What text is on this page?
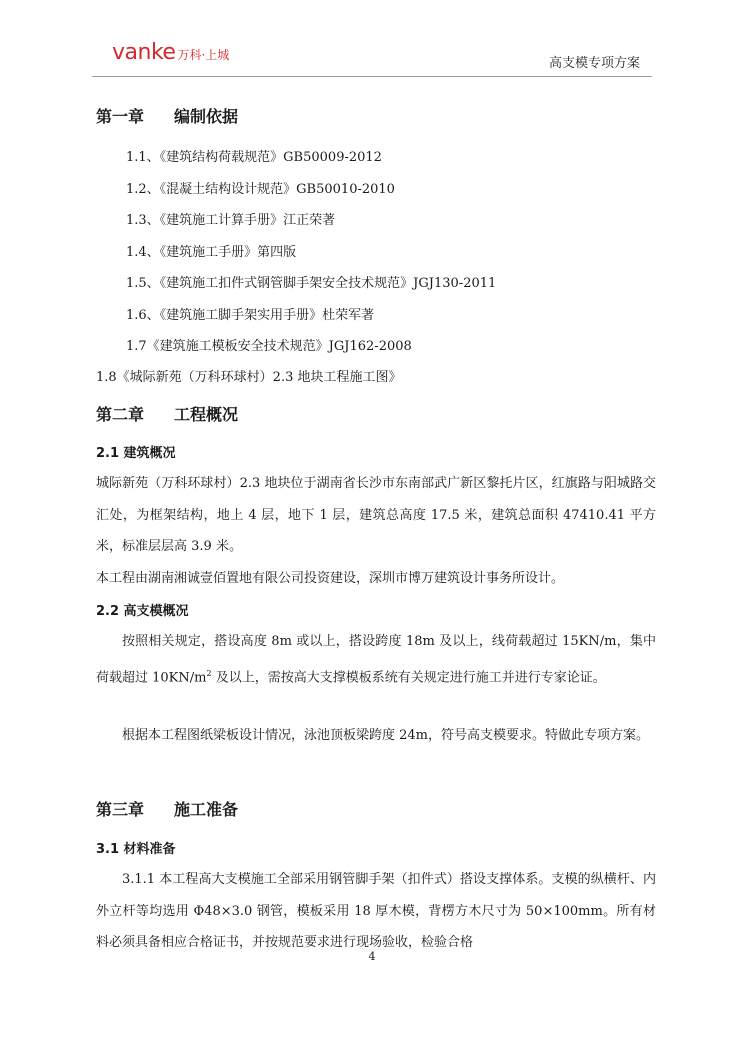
vanke 万科·上城
高支模专项方案
第一章 编制依据
1.1、《建筑结构荷载规范》GB50009-2012
1.2、《混凝土结构设计规范》GB50010-2010
1.3、《建筑施工计算手册》江正荣著
1.4、《建筑施工手册》第四版
1.5、《建筑施工扣件式钢管脚手架安全技术规范》JGJ130-2011
1.6、《建筑施工脚手架实用手册》杜荣军著
1.7《建筑施工模板安全技术规范》JGJ162-2008
1.8《城际新苑（万科环球村）2.3 地块工程施工图》
第二章 工程概况
2.1 建筑概况
城际新苑（万科环球村）2.3 地块位于湖南省长沙市东南部武广新区黎托片区，红旗路与阳城路交汇处，为框架结构，地上 4 层，地下 1 层，建筑总高度 17.5 米，建筑总面积 47410.41 平方米，标准层层高 3.9 米。
本工程由湖南湘诚壹佰置地有限公司投资建设，深圳市博万建筑设计事务所设计。
2.2 高支模概况
按照相关规定，搭设高度 8m 或以上，搭设跨度 18m 及以上，线荷载超过 15KN/m，集中荷载超过 $10KN/m^2$ 及以上，需按高大支撑模板系统有关规定进行施工并进行专家论证。
根据本工程图纸梁板设计情况，泳池顶板梁跨度 24m，符号高支模要求。特做此专项方案。
第三章 施工准备
3.1 材料准备
3.1.1 本工程高大支模施工全部采用钢管脚手架（扣件式）搭设支撑体系。支模的纵横杆、内外立杆等均选用 Φ48×3.0 钢管，模板采用 18 厚木模，背楞方木尺寸为 50×100mm。所有材料必须具备相应合格证书，并按规范要求进行现场验收，检验合格
4
